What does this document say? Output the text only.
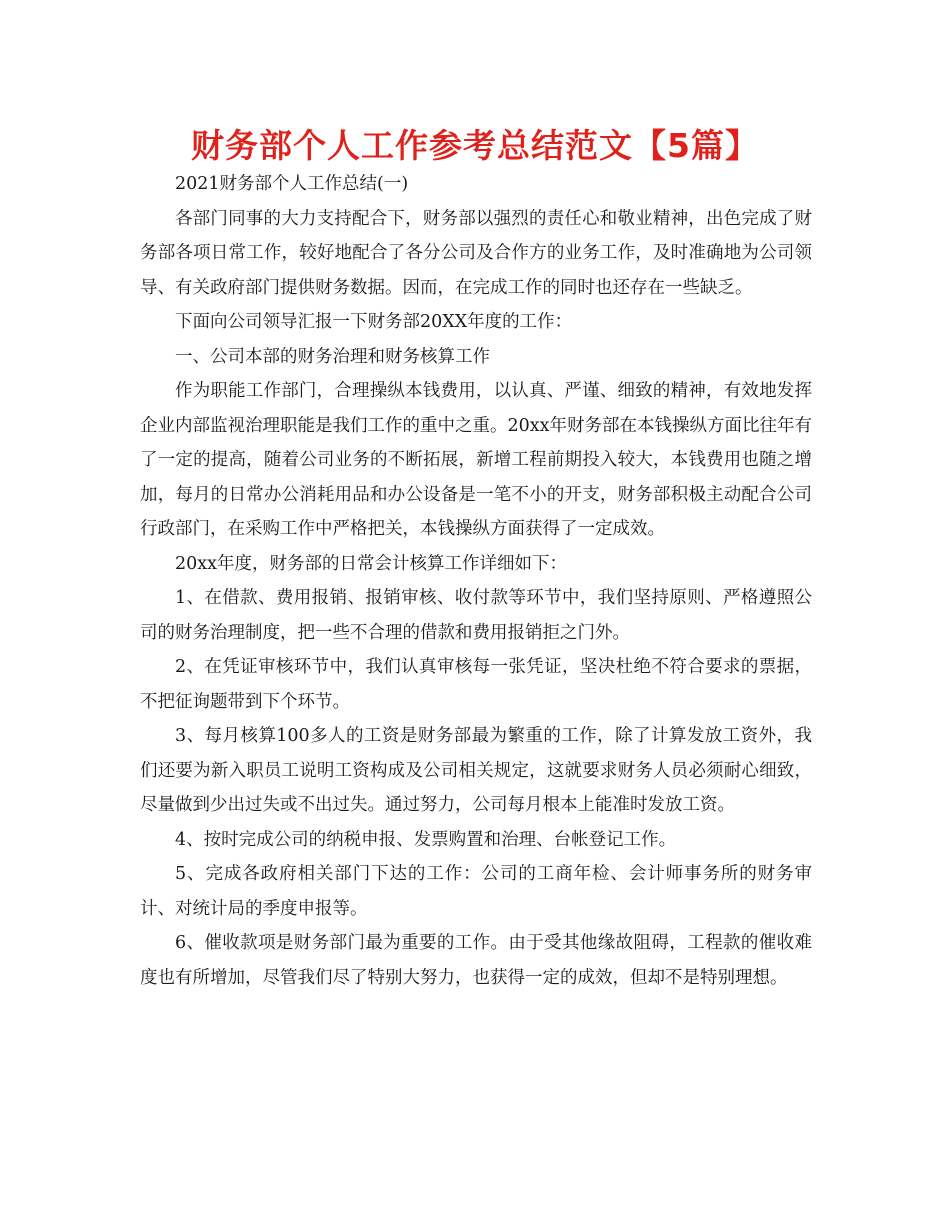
财务部个人工作参考总结范文【5篇】

2021财务部个人工作总结(一)

各部门同事的大力支持配合下，财务部以强烈的责任心和敬业精神，出色完成了财务部各项日常工作，较好地配合了各分公司及合作方的业务工作，及时准确地为公司领导、有关政府部门提供财务数据。因而，在完成工作的同时也还存在一些缺乏。

下面向公司领导汇报一下财务部20XX年度的工作：

一、公司本部的财务治理和财务核算工作

作为职能工作部门，合理操纵本钱费用，以认真、严谨、细致的精神，有效地发挥企业内部监视治理职能是我们工作的重中之重。20xx年财务部在本钱操纵方面比往年有了一定的提高，随着公司业务的不断拓展，新增工程前期投入较大，本钱费用也随之增加，每月的日常办公消耗用品和办公设备是一笔不小的开支，财务部积极主动配合公司行政部门，在采购工作中严格把关，本钱操纵方面获得了一定成效。

20xx年度，财务部的日常会计核算工作详细如下：

1、在借款、费用报销、报销审核、收付款等环节中，我们坚持原则、严格遵照公司的财务治理制度，把一些不合理的借款和费用报销拒之门外。

2、在凭证审核环节中，我们认真审核每一张凭证，坚决杜绝不符合要求的票据，不把征询题带到下个环节。

3、每月核算100多人的工资是财务部最为繁重的工作，除了计算发放工资外，我们还要为新入职员工说明工资构成及公司相关规定，这就要求财务人员必须耐心细致，尽量做到少出过失或不出过失。通过努力，公司每月根本上能准时发放工资。

4、按时完成公司的纳税申报、发票购置和治理、台帐登记工作。

5、完成各政府相关部门下达的工作：公司的工商年检、会计师事务所的财务审计、对统计局的季度申报等。

6、催收款项是财务部门最为重要的工作。由于受其他缘故阻碍，工程款的催收难度也有所增加，尽管我们尽了特别大努力，也获得一定的成效，但却不是特别理想。
